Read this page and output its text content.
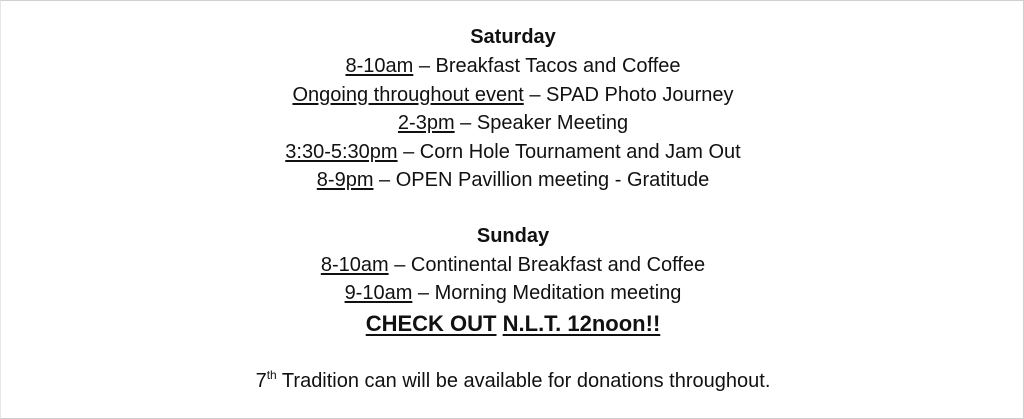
Saturday
8-10am – Breakfast Tacos and Coffee
Ongoing throughout event – SPAD Photo Journey
2-3pm – Speaker Meeting
3:30-5:30pm – Corn Hole Tournament and Jam Out
8-9pm – OPEN Pavillion meeting - Gratitude
Sunday
8-10am – Continental Breakfast and Coffee
9-10am – Morning Meditation meeting
CHECK OUT N.L.T. 12noon!!
7th Tradition can will be available for donations throughout.
